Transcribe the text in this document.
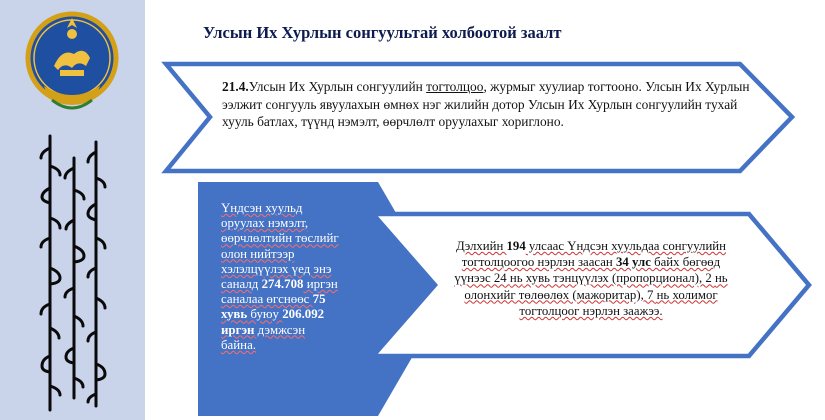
Улсын Их Хурлын сонгуультай холбоотой заалт

21.4.Улсын Их Хурлын сонгуулийн тогтолцоо, журмыг хуулиар тогтооно. Улсын Их Хурлын ээлжит сонгууль явуулахын өмнөх нэг жилийн дотор Улсын Их Хурлын сонгуулийн тухай хууль батлах, түүнд нэмэлт, өөрчлөлт оруулахыг хориглоно.

Үндсэн хуульд
оруулах нэмэлт,
өөрчлөлтийн төслийг
олон нийтээр
хэлэлцүүлэх үед энэ
саналд 274.708 иргэн
саналаа өгснөөс 75
хувь буюу 206.092
иргэн дэмжсэн
байна.

Дэлхийн 194 улсаас Үндсэн хуульдаа сонгуулийн тогтолцоогоо нэрлэн заасан 34 улс байх бөгөөд үүнээс 24 нь хувь тэнцүүлэх (пропорционал), 2 нь олонхийг төлөөлөх (мажоритар), 7 нь холимог тогтолцоог нэрлэн заажээ.
